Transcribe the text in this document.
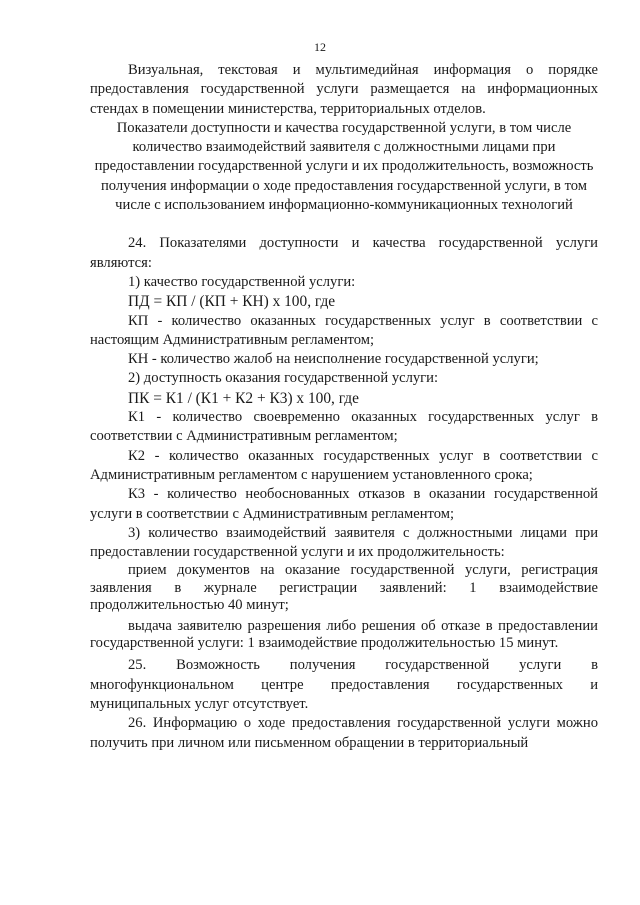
12

Визуальная, текстовая и мультимедийная информация о порядке предоставления государственной услуги размещается на информационных стендах в помещении министерства, территориальных отделов.

Показатели доступности и качества государственной услуги, в том числе количество взаимодействий заявителя с должностными лицами при предоставлении государственной услуги и их продолжительность, возможность получения информации о ходе предоставления государственной услуги, в том числе с использованием информационно-коммуникационных технологий

24. Показателями доступности и качества государственной услуги являются:

1) качество государственной услуги:

ПД = КП / (КП + КН) х 100, где

КП - количество оказанных государственных услуг в соответствии с настоящим Административным регламентом;

КН - количество жалоб на неисполнение государственной услуги;

2) доступность оказания государственной услуги:

ПК = К1 / (К1 + К2 + К3) х 100, где

К1 - количество своевременно оказанных государственных услуг в соответствии с Административным регламентом;

К2 - количество оказанных государственных услуг в соответствии с Административным регламентом с нарушением установленного срока;

К3 - количество необоснованных отказов в оказании государственной услуги в соответствии с Административным регламентом;

3) количество взаимодействий заявителя с должностными лицами при предоставлении государственной услуги и их продолжительность:

прием документов на оказание государственной услуги, регистрация заявления в журнале регистрации заявлений: 1 взаимодействие продолжительностью 40 минут;

выдача заявителю разрешения либо решения об отказе в предоставлении государственной услуги: 1 взаимодействие продолжительностью 15 минут.

25. Возможность получения государственной услуги в многофункциональном центре предоставления государственных и муниципальных услуг отсутствует.

26. Информацию о ходе предоставления государственной услуги можно получить при личном или письменном обращении в территориальный
